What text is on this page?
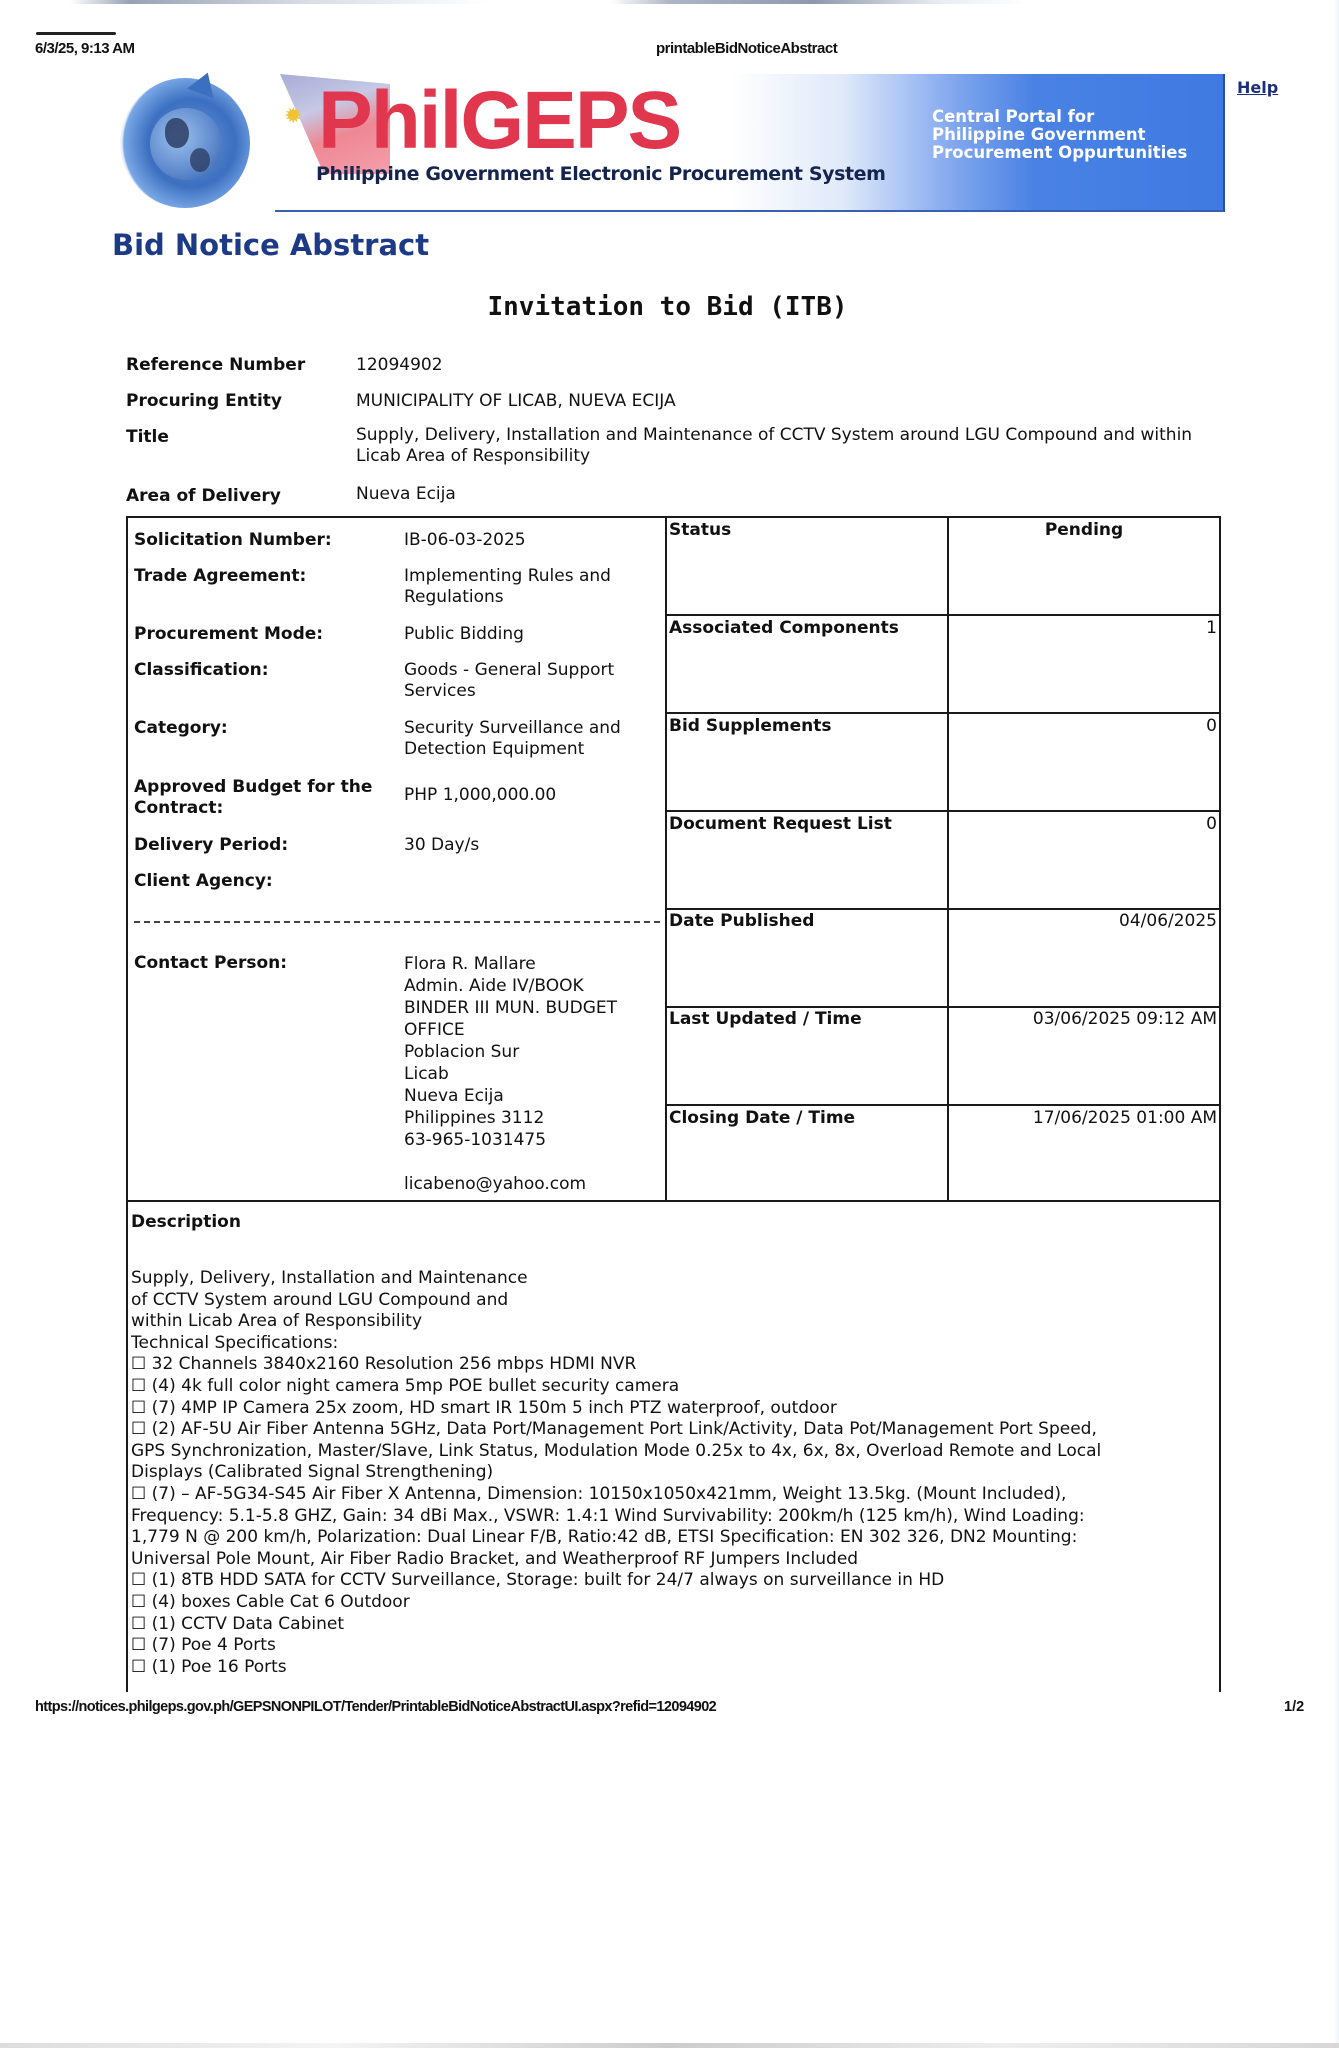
6/3/25, 9:13 AM	printableBidNoticeAbstract
✹ PhilGEPS
Philippine Government Electronic Procurement System
Central Portal for
Philippine Government
Procurement Oppurtunities
Help
Bid Notice Abstract
Invitation to Bid (ITB)
Reference Number	12094902
Procuring Entity	MUNICIPALITY OF LICAB, NUEVA ECIJA
Title	Supply, Delivery, Installation and Maintenance of CCTV System around LGU Compound and within Licab Area of Responsibility
Area of Delivery	Nueva Ecija
Solicitation Number:	IB-06-03-2025
Trade Agreement:	Implementing Rules and Regulations
Procurement Mode:	Public Bidding
Classification:	Goods - General Support Services
Category:	Security Surveillance and Detection Equipment
Approved Budget for the Contract:
PHP 1,000,000.00
Delivery Period:	30 Day/s
Client Agency:
Contact Person:	Flora R. Mallare
Admin. Aide IV/BOOK
BINDER III MUN. BUDGET
OFFICE
Poblacion Sur
Licab
Nueva Ecija
Philippines 3112
63-965-1031475
licabeno@yahoo.com
Status	Pending
Associated Components	1
Bid Supplements	0
Document Request List	0
Date Published	04/06/2025
Last Updated / Time	03/06/2025 09:12 AM
Closing Date / Time	17/06/2025 01:00 AM
Description
Supply, Delivery, Installation and Maintenance
of CCTV System around LGU Compound and
within Licab Area of Responsibility
Technical Specifications:
☐ 32 Channels 3840x2160 Resolution 256 mbps HDMI NVR
☐ (4) 4k full color night camera 5mp POE bullet security camera
☐ (7) 4MP IP Camera 25x zoom, HD smart IR 150m 5 inch PTZ waterproof, outdoor
☐ (2) AF-5U Air Fiber Antenna 5GHz, Data Port/Management Port Link/Activity, Data Pot/Management Port Speed,
GPS Synchronization, Master/Slave, Link Status, Modulation Mode 0.25x to 4x, 6x, 8x, Overload Remote and Local
Displays (Calibrated Signal Strengthening)
☐ (7) – AF-5G34-S45 Air Fiber X Antenna, Dimension: 10150x1050x421mm, Weight 13.5kg. (Mount Included),
Frequency: 5.1-5.8 GHZ, Gain: 34 dBi Max., VSWR: 1.4:1 Wind Survivability: 200km/h (125 km/h), Wind Loading:
1,779 N @ 200 km/h, Polarization: Dual Linear F/B, Ratio:42 dB, ETSI Specification: EN 302 326, DN2 Mounting:
Universal Pole Mount, Air Fiber Radio Bracket, and Weatherproof RF Jumpers Included
☐ (1) 8TB HDD SATA for CCTV Surveillance, Storage: built for 24/7 always on surveillance in HD
☐ (4) boxes Cable Cat 6 Outdoor
☐ (1) CCTV Data Cabinet
☐ (7) Poe 4 Ports
☐ (1) Poe 16 Ports
https://notices.philgeps.gov.ph/GEPSNONPILOT/Tender/PrintableBidNoticeAbstractUI.aspx?refid=12094902	1/2
